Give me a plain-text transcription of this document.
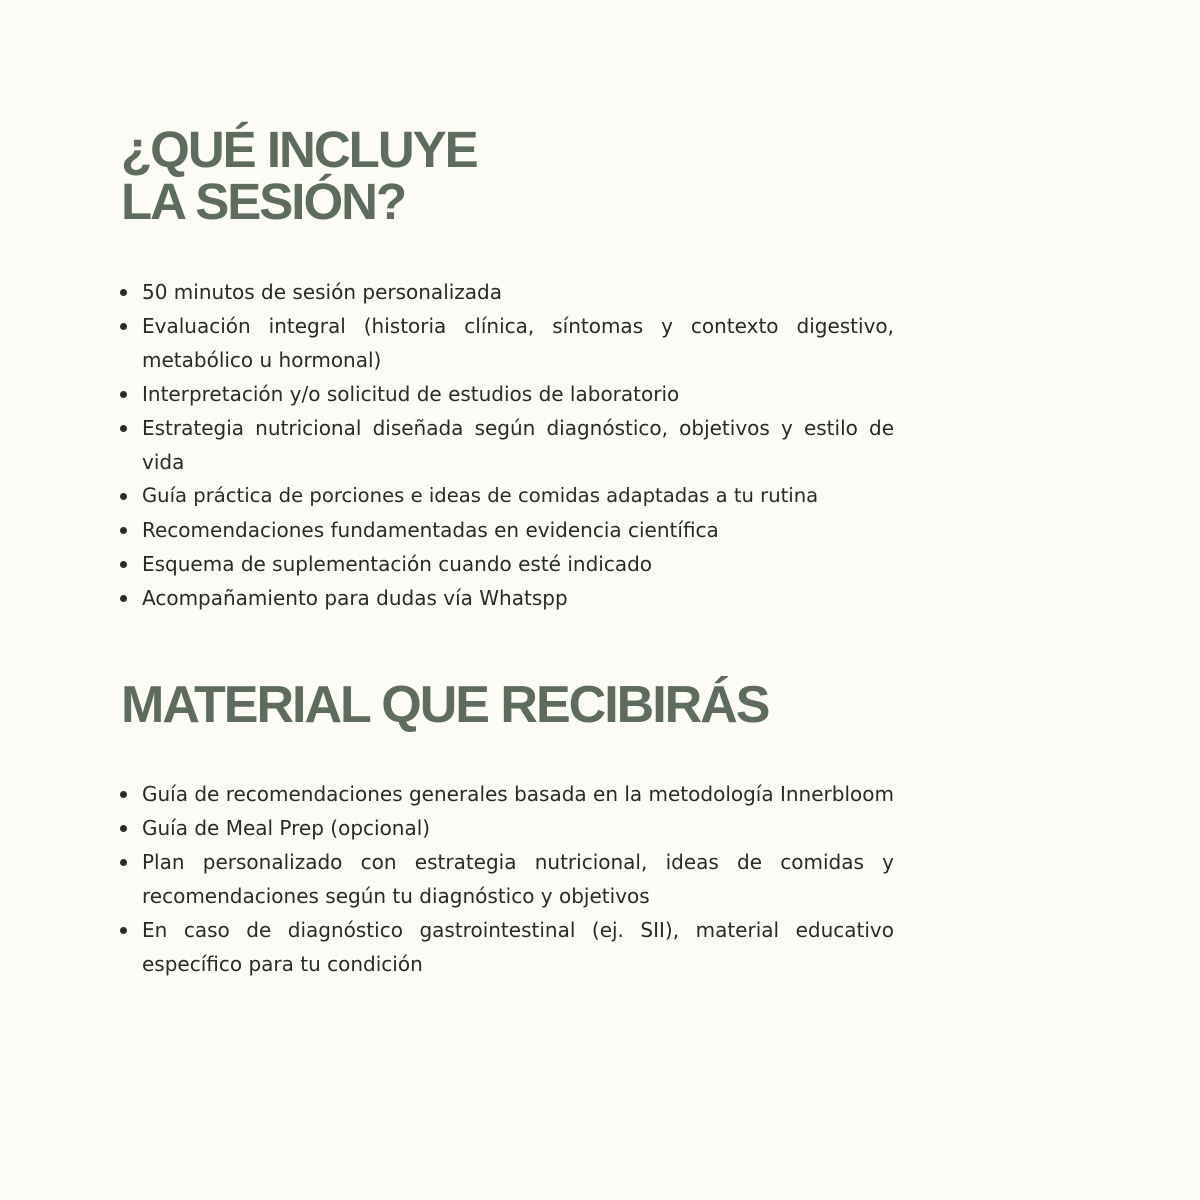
¿QUÉ INCLUYE
LA SESIÓN?
50 minutos de sesión personalizada
Evaluación integral (historia clínica, síntomas y contexto digestivo, metabólico u hormonal)
Interpretación y/o solicitud de estudios de laboratorio
Estrategia nutricional diseñada según diagnóstico, objetivos y estilo de vida
Guía práctica de porciones e ideas de comidas adaptadas a tu rutina
Recomendaciones fundamentadas en evidencia científica
Esquema de suplementación cuando esté indicado
Acompañamiento para dudas vía Whatspp
MATERIAL QUE RECIBIRÁS
Guía de recomendaciones generales basada en la metodología Innerbloom
Guía de Meal Prep (opcional)
Plan personalizado con estrategia nutricional, ideas de comidas y recomendaciones según tu diagnóstico y objetivos
En caso de diagnóstico gastrointestinal (ej. SII), material educativo específico para tu condición
